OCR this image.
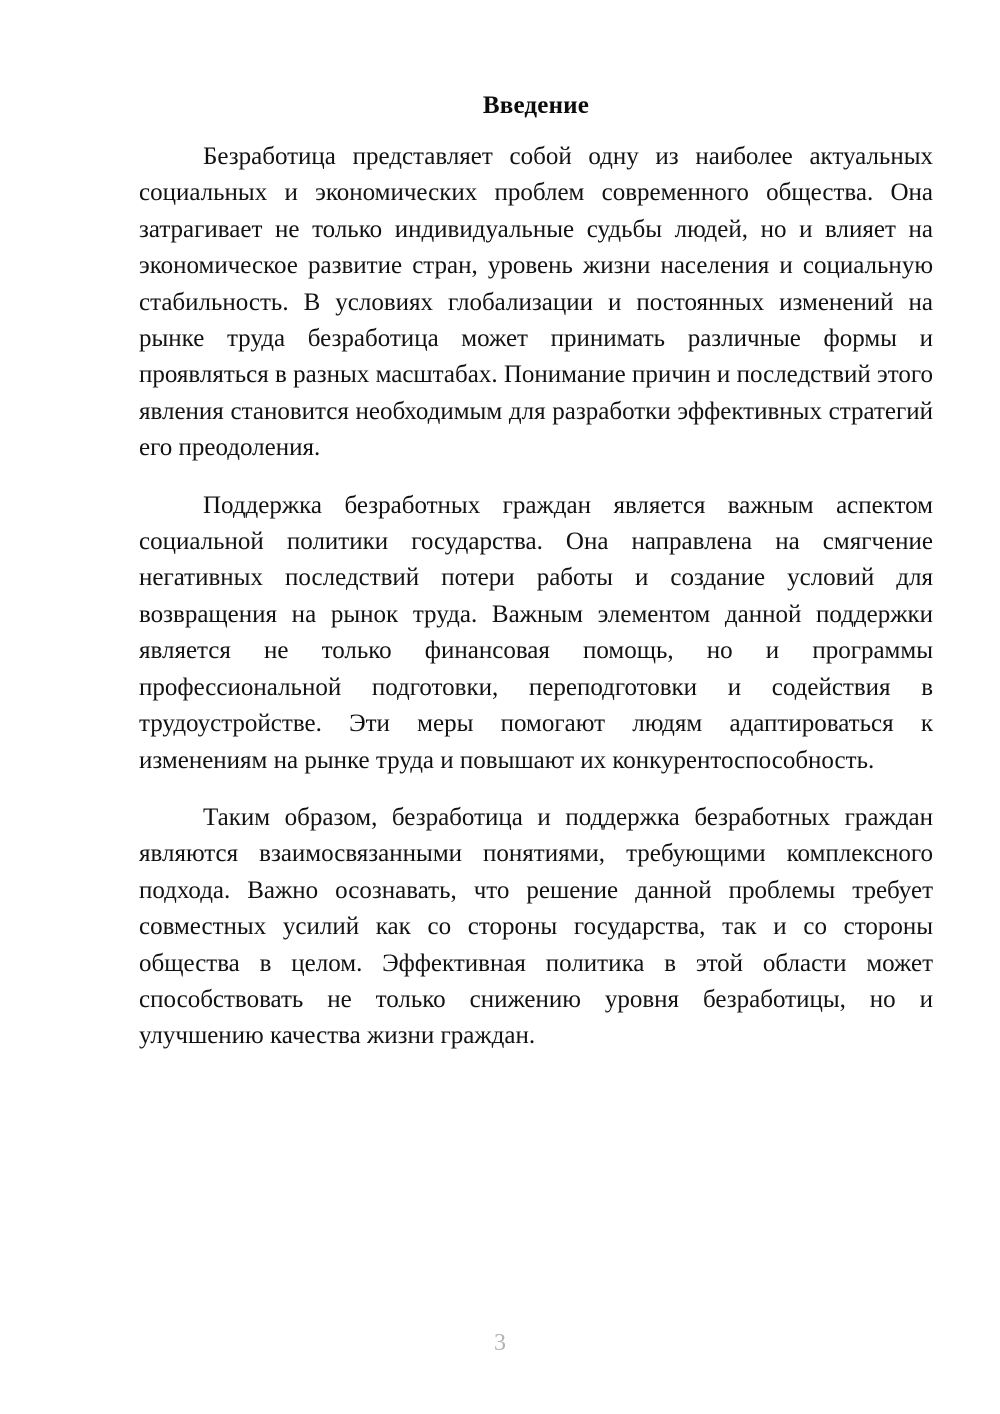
Введение

Безработица представляет собой одну из наиболее актуальных социальных и экономических проблем современного общества. Она затрагивает не только индивидуальные судьбы людей, но и влияет на экономическое развитие стран, уровень жизни населения и социальную стабильность. В условиях глобализации и постоянных изменений на рынке труда безработица может принимать различные формы и проявляться в разных масштабах. Понимание причин и последствий этого явления становится необходимым для разработки эффективных стратегий его преодоления.

Поддержка безработных граждан является важным аспектом социальной политики государства. Она направлена на смягчение негативных последствий потери работы и создание условий для возвращения на рынок труда. Важным элементом данной поддержки является не только финансовая помощь, но и программы профессиональной подготовки, переподготовки и содействия в трудоустройстве. Эти меры помогают людям адаптироваться к изменениям на рынке труда и повышают их конкурентоспособность.

Таким образом, безработица и поддержка безработных граждан являются взаимосвязанными понятиями, требующими комплексного подхода. Важно осознавать, что решение данной проблемы требует совместных усилий как со стороны государства, так и со стороны общества в целом. Эффективная политика в этой области может способствовать не только снижению уровня безработицы, но и улучшению качества жизни граждан.

3
